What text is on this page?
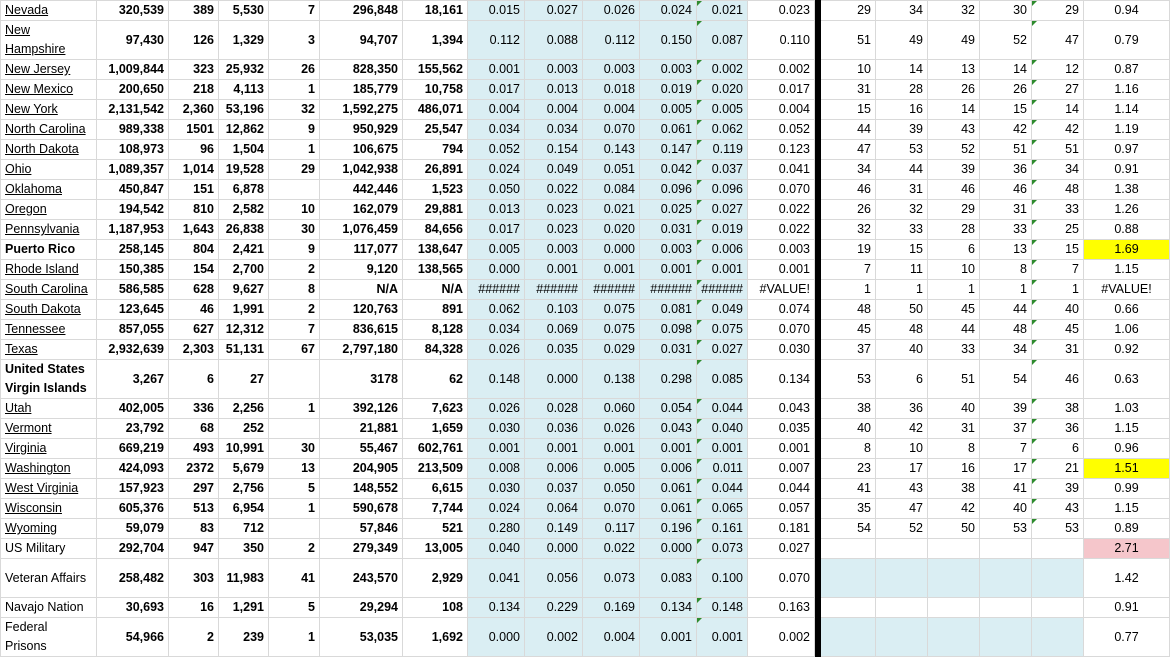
Nevada	320,539	389	5,530	7	296,848	18,161	0.015	0.027	0.026	0.024	0.021	0.023		29	34	32	30	29	0.94
New Hampshire	97,430	126	1,329	3	94,707	1,394	0.112	0.088	0.112	0.150	0.087	0.110		51	49	49	52	47	0.79
New Jersey	1,009,844	323	25,932	26	828,350	155,562	0.001	0.003	0.003	0.003	0.002	0.002		10	14	13	14	12	0.87
New Mexico	200,650	218	4,113	1	185,779	10,758	0.017	0.013	0.018	0.019	0.020	0.017		31	28	26	26	27	1.16
New York	2,131,542	2,360	53,196	32	1,592,275	486,071	0.004	0.004	0.004	0.005	0.005	0.004		15	16	14	15	14	1.14
North Carolina	989,338	1501	12,862	9	950,929	25,547	0.034	0.034	0.070	0.061	0.062	0.052		44	39	43	42	42	1.19
North Dakota	108,973	96	1,504	1	106,675	794	0.052	0.154	0.143	0.147	0.119	0.123		47	53	52	51	51	0.97
Ohio	1,089,357	1,014	19,528	29	1,042,938	26,891	0.024	0.049	0.051	0.042	0.037	0.041		34	44	39	36	34	0.91
Oklahoma	450,847	151	6,878		442,446	1,523	0.050	0.022	0.084	0.096	0.096	0.070		46	31	46	46	48	1.38
Oregon	194,542	810	2,582	10	162,079	29,881	0.013	0.023	0.021	0.025	0.027	0.022		26	32	29	31	33	1.26
Pennsylvania	1,187,953	1,643	26,838	30	1,076,459	84,656	0.017	0.023	0.020	0.031	0.019	0.022		32	33	28	33	25	0.88
Puerto Rico	258,145	804	2,421	9	117,077	138,647	0.005	0.003	0.000	0.003	0.006	0.003		19	15	6	13	15	1.69
Rhode Island	150,385	154	2,700	2	9,120	138,565	0.000	0.001	0.001	0.001	0.001	0.001		7	11	10	8	7	1.15
South Carolina	586,585	628	9,627	8	N/A	N/A	######	######	######	######	######	#VALUE!		1	1	1	1	1	#VALUE!
South Dakota	123,645	46	1,991	2	120,763	891	0.062	0.103	0.075	0.081	0.049	0.074		48	50	45	44	40	0.66
Tennessee	857,055	627	12,312	7	836,615	8,128	0.034	0.069	0.075	0.098	0.075	0.070		45	48	44	48	45	1.06
Texas	2,932,639	2,303	51,131	67	2,797,180	84,328	0.026	0.035	0.029	0.031	0.027	0.030		37	40	33	34	31	0.92
United States Virgin Islands	3,267	6	27		3178	62	0.148	0.000	0.138	0.298	0.085	0.134		53	6	51	54	46	0.63
Utah	402,005	336	2,256	1	392,126	7,623	0.026	0.028	0.060	0.054	0.044	0.043		38	36	40	39	38	1.03
Vermont	23,792	68	252		21,881	1,659	0.030	0.036	0.026	0.043	0.040	0.035		40	42	31	37	36	1.15
Virginia	669,219	493	10,991	30	55,467	602,761	0.001	0.001	0.001	0.001	0.001	0.001		8	10	8	7	6	0.96
Washington	424,093	2372	5,679	13	204,905	213,509	0.008	0.006	0.005	0.006	0.011	0.007		23	17	16	17	21	1.51
West Virginia	157,923	297	2,756	5	148,552	6,615	0.030	0.037	0.050	0.061	0.044	0.044		41	43	38	41	39	0.99
Wisconsin	605,376	513	6,954	1	590,678	7,744	0.024	0.064	0.070	0.061	0.065	0.057		35	47	42	40	43	1.15
Wyoming	59,079	83	712		57,846	521	0.280	0.149	0.117	0.196	0.161	0.181		54	52	50	53	53	0.89
US Military	292,704	947	350	2	279,349	13,005	0.040	0.000	0.022	0.000	0.073	0.027							2.71
Veteran Affairs	258,482	303	11,983	41	243,570	2,929	0.041	0.056	0.073	0.083	0.100	0.070							1.42
Navajo Nation	30,693	16	1,291	5	29,294	108	0.134	0.229	0.169	0.134	0.148	0.163							0.91
Federal Prisons	54,966	2	239	1	53,035	1,692	0.000	0.002	0.004	0.001	0.001	0.002							0.77
